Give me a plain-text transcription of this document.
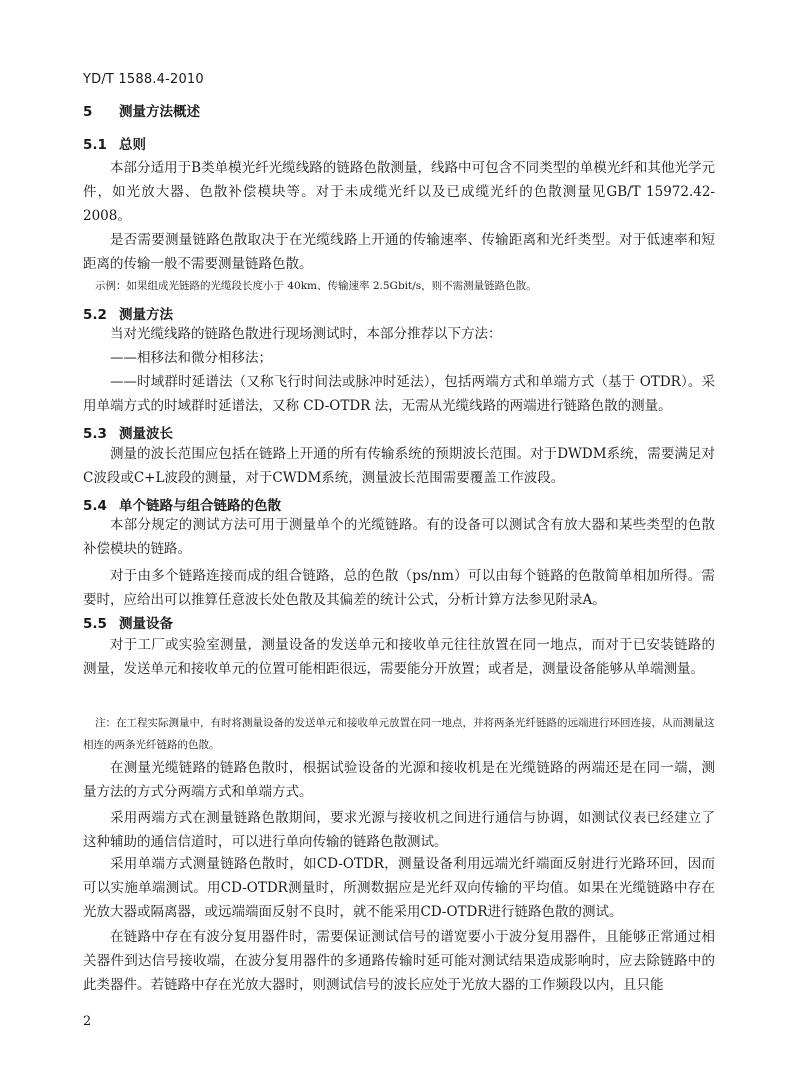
YD/T 1588.4-2010
5 测量方法概述
5.1 总则
本部分适用于B类单模光纤光缆线路的链路色散测量，线路中可包含不同类型的单模光纤和其他光学元件，如光放大器、色散补偿模块等。对于未成缆光纤以及已成缆光纤的色散测量见GB/T 15972.42-2008。
是否需要测量链路色散取决于在光缆线路上开通的传输速率、传输距离和光纤类型。对于低速率和短距离的传输一般不需要测量链路色散。
示例：如果组成光链路的光缆段长度小于 40km、传输速率 2.5Gbit/s，则不需测量链路色散。
5.2 测量方法
当对光缆线路的链路色散进行现场测试时，本部分推荐以下方法：
——相移法和微分相移法；
——时域群时延谱法（又称飞行时间法或脉冲时延法），包括两端方式和单端方式（基于 OTDR）。采用单端方式的时域群时延谱法，又称 CD-OTDR 法，无需从光缆线路的两端进行链路色散的测量。
5.3 测量波长
测量的波长范围应包括在链路上开通的所有传输系统的预期波长范围。对于DWDM系统，需要满足对C波段或C+L波段的测量，对于CWDM系统，测量波长范围需要覆盖工作波段。
5.4 单个链路与组合链路的色散
本部分规定的测试方法可用于测量单个的光缆链路。有的设备可以测试含有放大器和某些类型的色散补偿模块的链路。
对于由多个链路连接而成的组合链路，总的色散（ps/nm）可以由每个链路的色散简单相加所得。需要时，应给出可以推算任意波长处色散及其偏差的统计公式，分析计算方法参见附录A。
5.5 测量设备
对于工厂或实验室测量，测量设备的发送单元和接收单元往往放置在同一地点，而对于已安装链路的测量，发送单元和接收单元的位置可能相距很远，需要能分开放置；或者是，测量设备能够从单端测量。
注：在工程实际测量中，有时将测量设备的发送单元和接收单元放置在同一地点，并将两条光纤链路的远端进行环回连接，从而测量这相连的两条光纤链路的色散。
在测量光缆链路的链路色散时，根据试验设备的光源和接收机是在光缆链路的两端还是在同一端，测量方法的方式分两端方式和单端方式。
采用两端方式在测量链路色散期间，要求光源与接收机之间进行通信与协调，如测试仪表已经建立了这种辅助的通信信道时，可以进行单向传输的链路色散测试。
采用单端方式测量链路色散时，如CD-OTDR，测量设备利用远端光纤端面反射进行光路环回，因而可以实施单端测试。用CD-OTDR测量时，所测数据应是光纤双向传输的平均值。如果在光缆链路中存在光放大器或隔离器，或远端端面反射不良时，就不能采用CD-OTDR进行链路色散的测试。
在链路中存在有波分复用器件时，需要保证测试信号的谱宽要小于波分复用器件，且能够正常通过相关器件到达信号接收端，在波分复用器件的多通路传输时延可能对测试结果造成影响时，应去除链路中的此类器件。若链路中存在光放大器时，则测试信号的波长应处于光放大器的工作频段以内，且只能
2
